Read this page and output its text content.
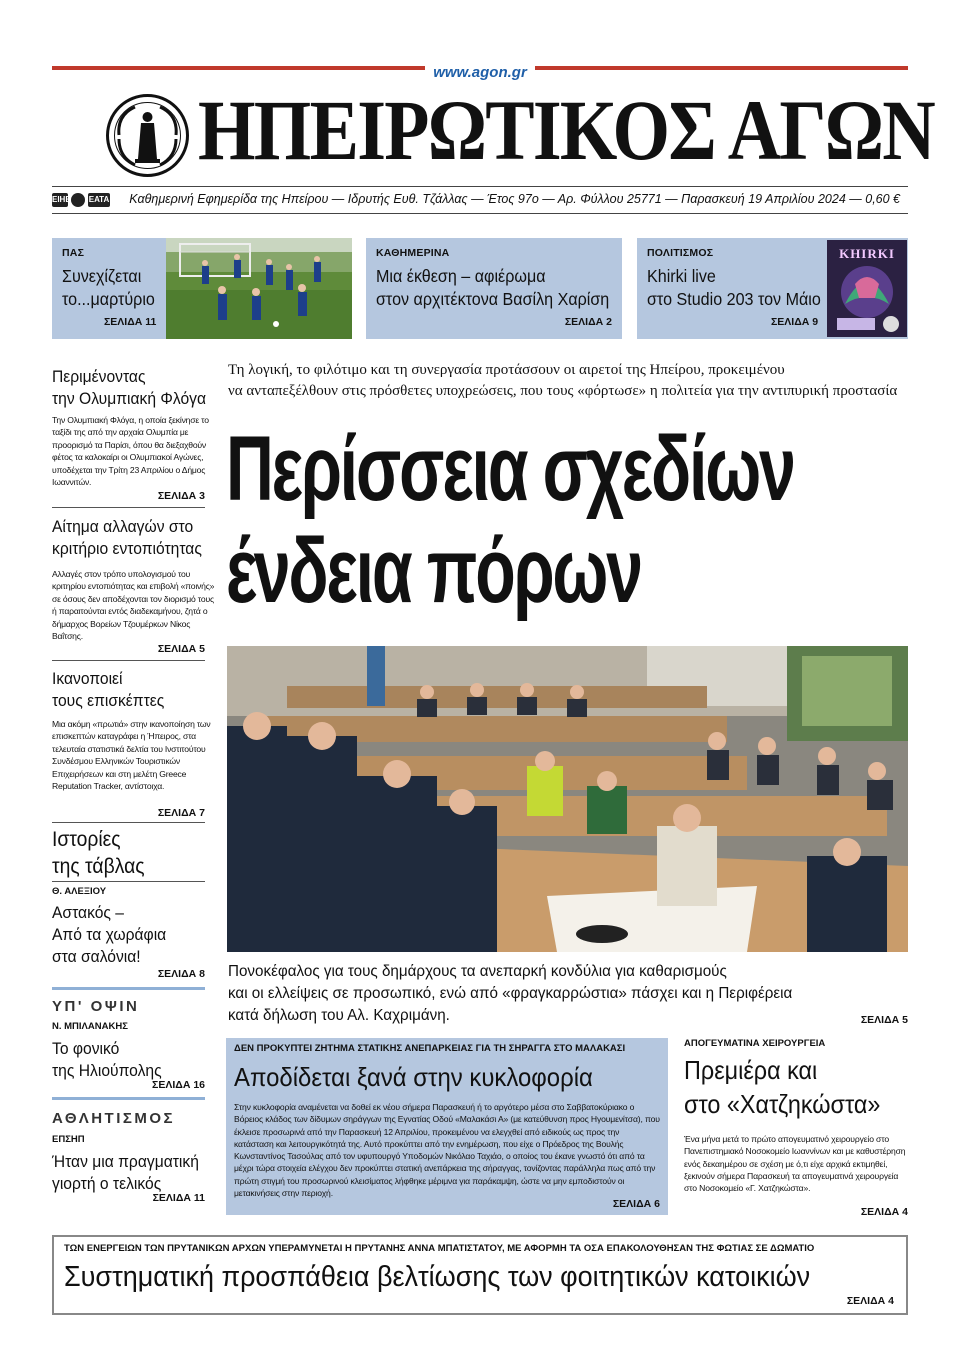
www.agon.gr
ΗΠΕΙΡΩΤΙΚΟΣ ΑΓΩΝ
ΕΙΗΕ ΕΑΤΑ Καθημερινή Εφημερίδα της Ηπείρου — Ιδρυτής Ευθ. Τζάλλας — Έτος 97ο — Αρ. Φύλλου 25771 — Παρασκευή 19 Απριλίου 2024 — 0,60 €
ΠΑΣ
Συνεχίζεται
το...μαρτύριο
ΣΕΛΙΔΑ 11
ΚΑΘΗΜΕΡΙΝΑ
Μια έκθεση – αφιέρωμα
στον αρχιτέκτονα Βασίλη Χαρίση
ΣΕΛΙΔΑ 2
ΠΟΛΙΤΙΣΜΟΣ
Khirki live
στο Studio 203 τον Μάιο
ΣΕΛΙΔΑ 9
KHIRKI
Περιμένοντας
την Ολυμπιακή Φλόγα
Την Ολυμπιακή Φλόγα, η οποία ξεκίνησε το ταξίδι της από την αρχαία Ολυμπία με προορισμό τα Παρίσι, όπου θα διεξαχθούν φέτος τα καλοκαίρι οι Ολυμπιακοί Αγώνες, υποδέχεται την Τρίτη 23 Απριλίου ο Δήμος Ιωαννιτών.
ΣΕΛΙΔΑ 3
Αίτημα αλλαγών στο
κριτήριο εντοπιότητας
Αλλαγές στον τρόπο υπολογισμού του κριτηρίου εντοπιότητας και επιβολή «ποινής» σε όσους δεν αποδέχονται τον διορισμό τους ή παραιτούνται εντός διαδεκαμήνου, ζητά ο δήμαρχος Βορείων Τζουμέρκων Νίκος Βαΐτσης.
ΣΕΛΙΔΑ 5
Ικανοποιεί
τους επισκέπτες
Μια ακόμη «πρωτιά» στην ικανοποίηση των επισκεπτών καταγράφει η Ήπειρος, στα τελευταία στατιστικά δελτία του Ινστιτούτου Συνδέσμου Ελληνικών Τουριστικών Επιχειρήσεων και στη μελέτη Greece Reputation Tracker, αντίστοιχα.
ΣΕΛΙΔΑ 7
Ιστορίες
της τάβλας
Θ. ΑΛΕΞΙΟΥ
Αστακός –
Από τα χωράφια
στα σαλόνια!
ΣΕΛΙΔΑ 8
ΥΠ' ΟΨΙΝ
Ν. ΜΠΙΛΑΝΑΚΗΣ
Το φονικό
της Ηλιούπολης
ΣΕΛΙΔΑ 16
ΑΘΛΗΤΙΣΜΟΣ
ΕΠΣΗΠ
Ήταν μια πραγματική
γιορτή ο τελικός
ΣΕΛΙΔΑ 11
Τη λογική, το φιλότιμο και τη συνεργασία προτάσσουν οι αιρετοί της Ηπείρου, προκειμένου
να ανταπεξέλθουν στις πρόσθετες υποχρεώσεις, που τους «φόρτωσε» η πολιτεία για την αντιπυρική προστασία
Περίσσεια σχεδίων
ένδεια πόρων
Πονοκέφαλος για τους δημάρχους τα ανεπαρκή κονδύλια για καθαρισμούς
και οι ελλείψεις σε προσωπικό, ενώ από «φραγκαρρώστια» πάσχει και η Περιφέρεια
κατά δήλωση του Αλ. Καχριμάνη.	ΣΕΛΙΔΑ 5
ΔΕΝ ΠΡΟΚΥΠΤΕΙ ΖΗΤΗΜΑ ΣΤΑΤΙΚΗΣ ΑΝΕΠΑΡΚΕΙΑΣ ΓΙΑ ΤΗ ΣΗΡΑΓΓΑ ΣΤΟ ΜΑΛΑΚΑΣΙ
Αποδίδεται ξανά στην κυκλοφορία
Στην κυκλοφορία αναμένεται να δοθεί εκ νέου σήμερα Παρασκευή ή το αργότερο μέσα στο Σαββατοκύριακο ο Βόρειος κλάδος των δίδυμων σηράγγων της Εγνατίας Οδού «Μαλακάσι Α» (με κατεύθυνση προς Ηγουμενίτσα), που έκλεισε προσωρινά από την Παρασκευή 12 Απριλίου, προκειμένου να ελεγχθεί από ειδικούς ως προς την κατάσταση και λειτουργικότητά της. Αυτό προκύπτει από την ενημέρωση, που είχε ο Πρόεδρος της Βουλής Κωνσταντίνος Τασούλας από τον υφυπουργό Υποδομών Νικόλαο Ταχιάο, ο οποίος του έκανε γνωστό ότι από τα μέχρι τώρα στοιχεία ελέγχου δεν προκύπτει στατική ανεπάρκεια της σήραγγας, τονίζοντας παράλληλα πως από την πρώτη στιγμή του προσωρινού κλεισίματος λήφθηκε μέριμνα για παράκαμψη, ώστε να μην εμποδιστούν οι μετακινήσεις στην περιοχή.
ΣΕΛΙΔΑ 6
ΑΠΟΓΕΥΜΑΤΙΝΑ ΧΕΙΡΟΥΡΓΕΙΑ
Πρεμιέρα και
στο «Χατζηκώστα»
Ένα μήνα μετά το πρώτο απογευματινό χειρουργείο στο Πανεπιστημιακό Νοσοκομείο Ιωαννίνων και με καθυστέρηση ενός δεκαημέρου σε σχέση με ό,τι είχε αρχικά εκτιμηθεί, ξεκινούν σήμερα Παρασκευή τα απογευματινά χειρουργεία στο Νοσοκομείο «Γ. Χατζηκώστα».
ΣΕΛΙΔΑ 4
ΤΩΝ ΕΝΕΡΓΕΙΩΝ ΤΩΝ ΠΡΥΤΑΝΙΚΩΝ ΑΡΧΩΝ ΥΠΕΡΑΜΥΝΕΤΑΙ Η ΠΡΥΤΑΝΗΣ ΑΝΝΑ ΜΠΑΤΙΣΤΑΤΟΥ, ΜΕ ΑΦΟΡΜΗ ΤΑ ΟΣΑ ΕΠΑΚΟΛΟΥΘΗΣΑΝ ΤΗΣ ΦΩΤΙΑΣ ΣΕ ΔΩΜΑΤΙΟ
Συστηματική προσπάθεια βελτίωσης των φοιτητικών κατοικιών
ΣΕΛΙΔΑ 4
